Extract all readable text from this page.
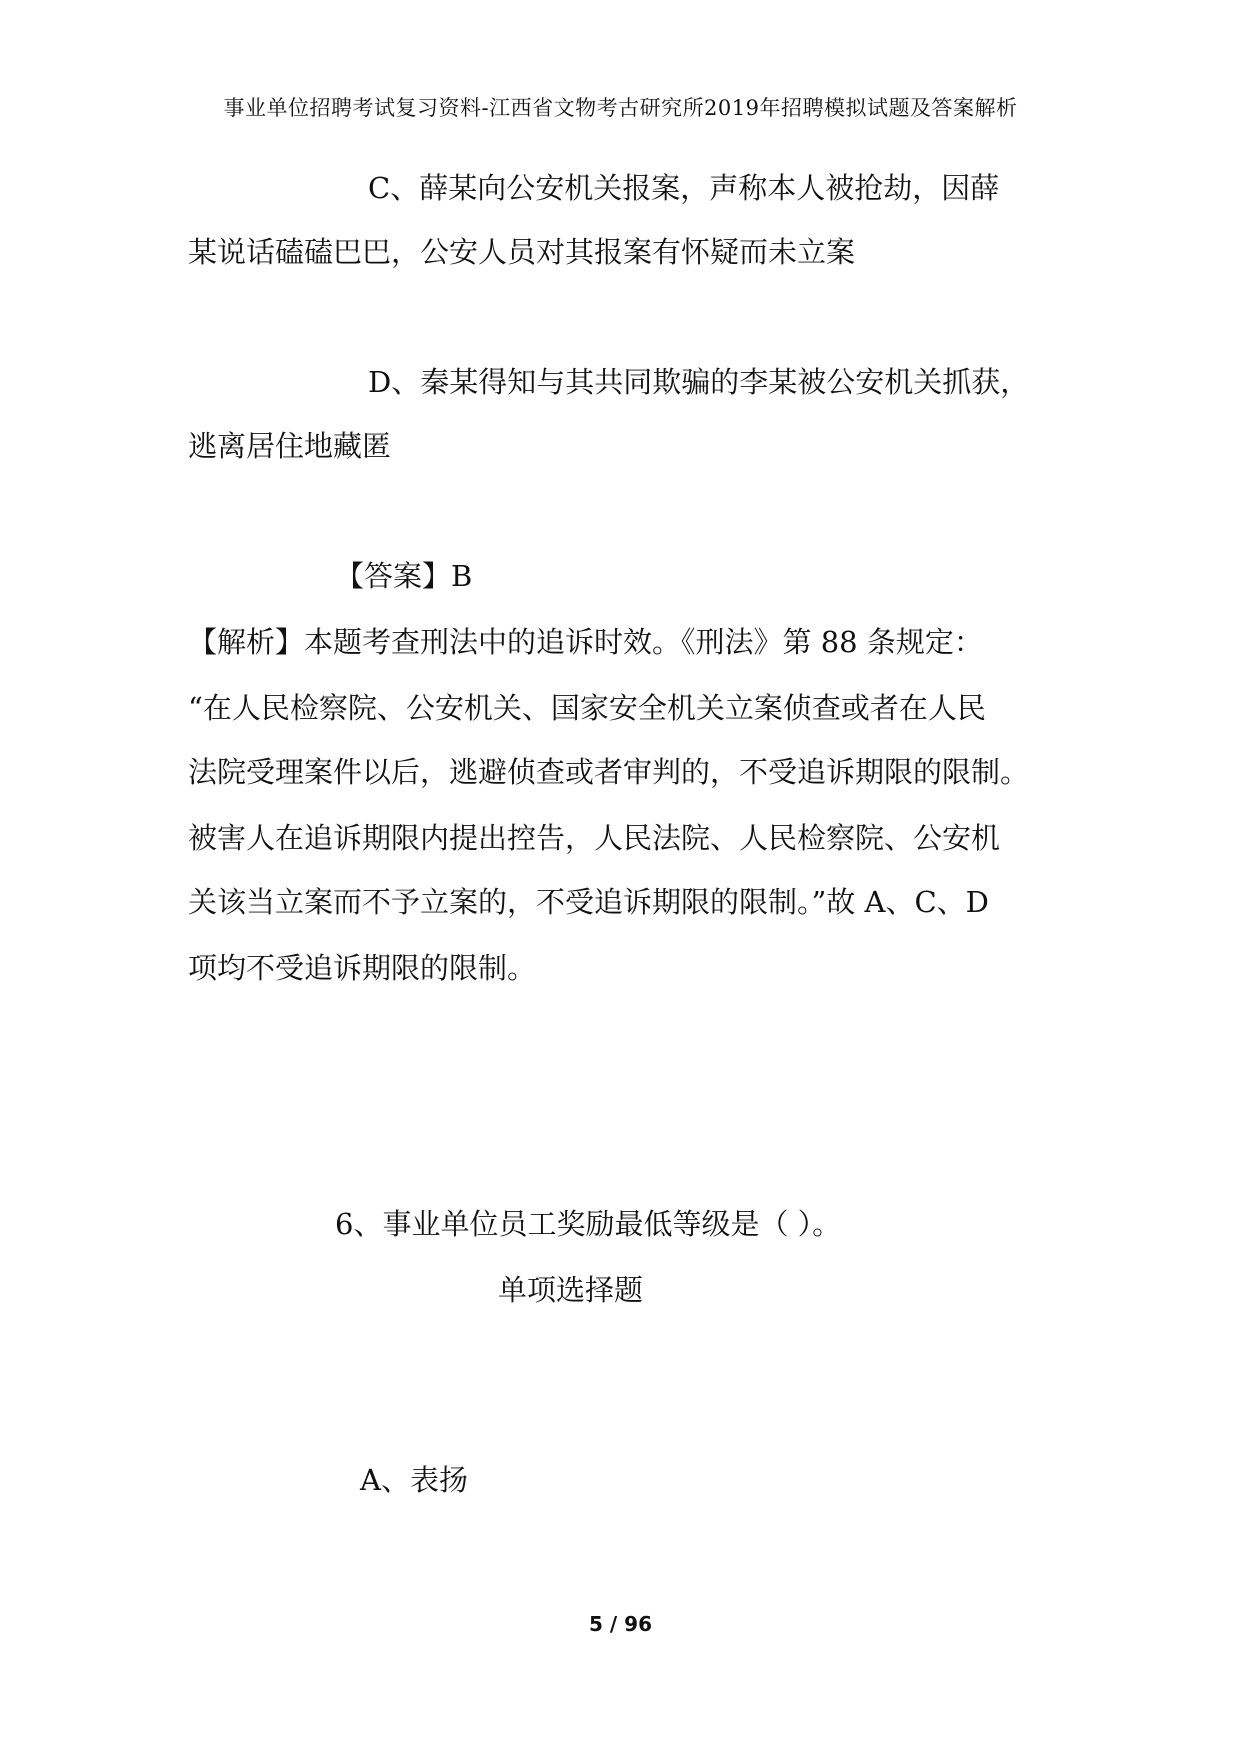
事业单位招聘考试复习资料-江西省文物考古研究所2019年招聘模拟试题及答案解析
C、薛某向公安机关报案，声称本人被抢劫，因薛
某说话磕磕巴巴，公安人员对其报案有怀疑而未立案
D、秦某得知与其共同欺骗的李某被公安机关抓获，
逃离居住地藏匿
【答案】B
【解析】本题考查刑法中的追诉时效。《刑法》第 88 条规定：
“在人民检察院、公安机关、国家安全机关立案侦查或者在人民
法院受理案件以后，逃避侦查或者审判的，不受追诉期限的限制。
被害人在追诉期限内提出控告，人民法院、人民检察院、公安机
关该当立案而不予立案的，不受追诉期限的限制。”故 A、C、D
项均不受追诉期限的限制。
6、事业单位员工奖励最低等级是（ ）。
单项选择题
A、表扬
5 / 96
